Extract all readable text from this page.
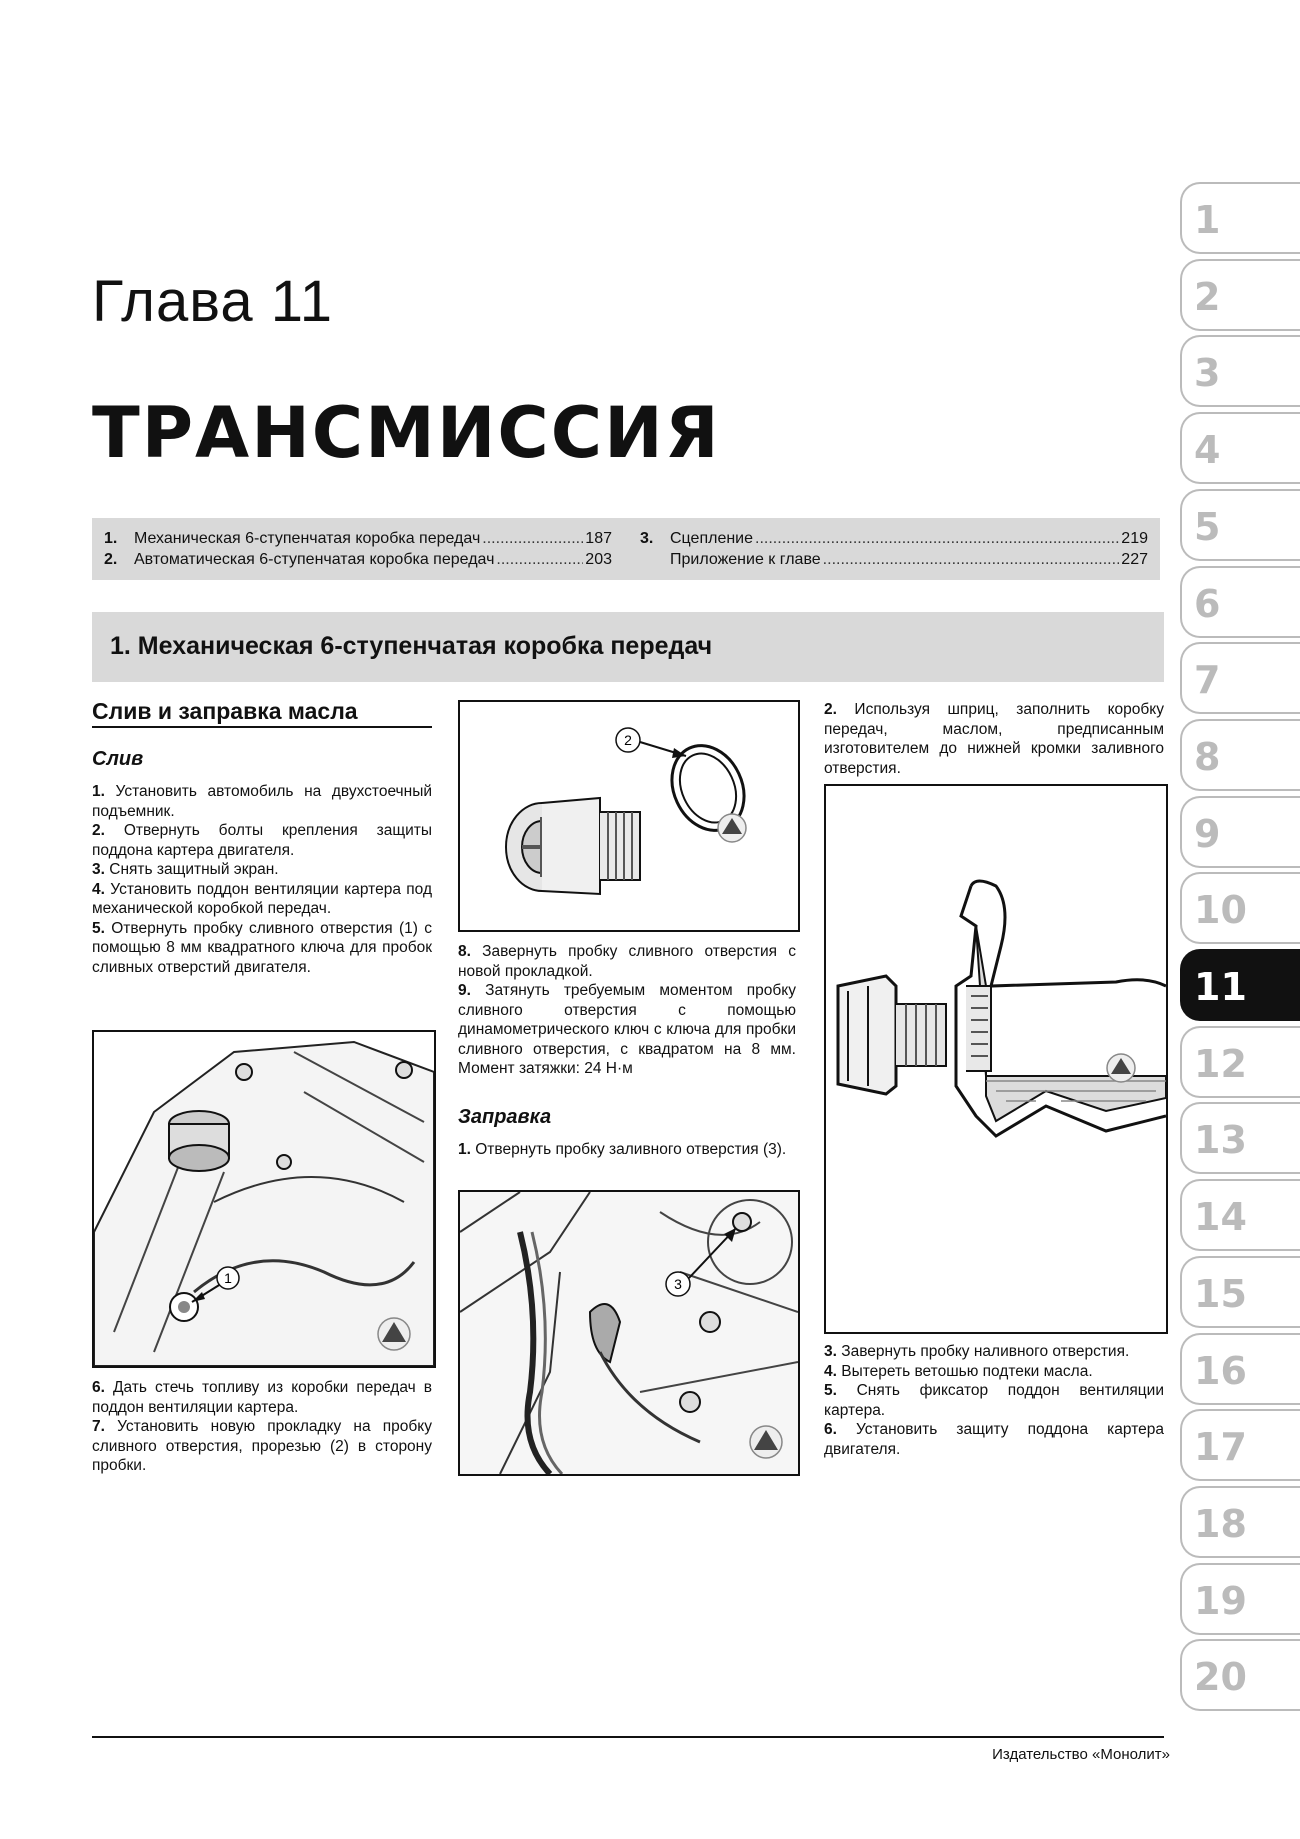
Глава 11
ТРАНСМИССИЯ
1.	Механическая 6-ступенчатая коробка передач .....	187
2.	Автоматическая 6-ступенчатая коробка передач .....	203
3.	Сцепление .....	219
Приложение к главе .....	227
1. Механическая 6-ступенчатая коробка передач
Слив и заправка масла
Слив

1. Установить автомобиль на двухстоечный подъемник.

2. Отвернуть болты крепления защиты поддона картера двигателя.

3. Снять защитный экран.

4. Установить поддон вентиляции картера под механической коробкой передач.

5. Отвернуть пробку сливного отверстия (1) с помощью 8 мм квадратного ключа для пробок сливных отверстий двигателя.

1

6. Дать стечь топливу из коробки передач в поддон вентиляции картера.

7. Установить новую прокладку на пробку сливного отверстия, прорезью (2) в сторону пробки.

2

8. Завернуть пробку сливного отверстия с новой прокладкой.

9. Затянуть требуемым моментом пробку сливного отверстия с помощью динамометрического ключ с ключа для пробки сливного отверстия, с квадратом на 8 мм. Момент затяжки: 24 Н·м

Заправка

1. Отвернуть пробку заливного отверстия (3).

3

2. Используя шприц, заполнить коробку передач, маслом, предписанным изготовителем до нижней кромки заливного отверстия.

3. Завернуть пробку наливного отверстия.

4. Вытереть ветошью подтеки масла.

5. Снять фиксатор поддон вентиляции картера.

6. Установить защиту поддона картера двигателя.

1
2
3
4
5
6
7
8
9
10
11
12
13
14
15
16
17
18
19
20
Издательство «Монолит»
